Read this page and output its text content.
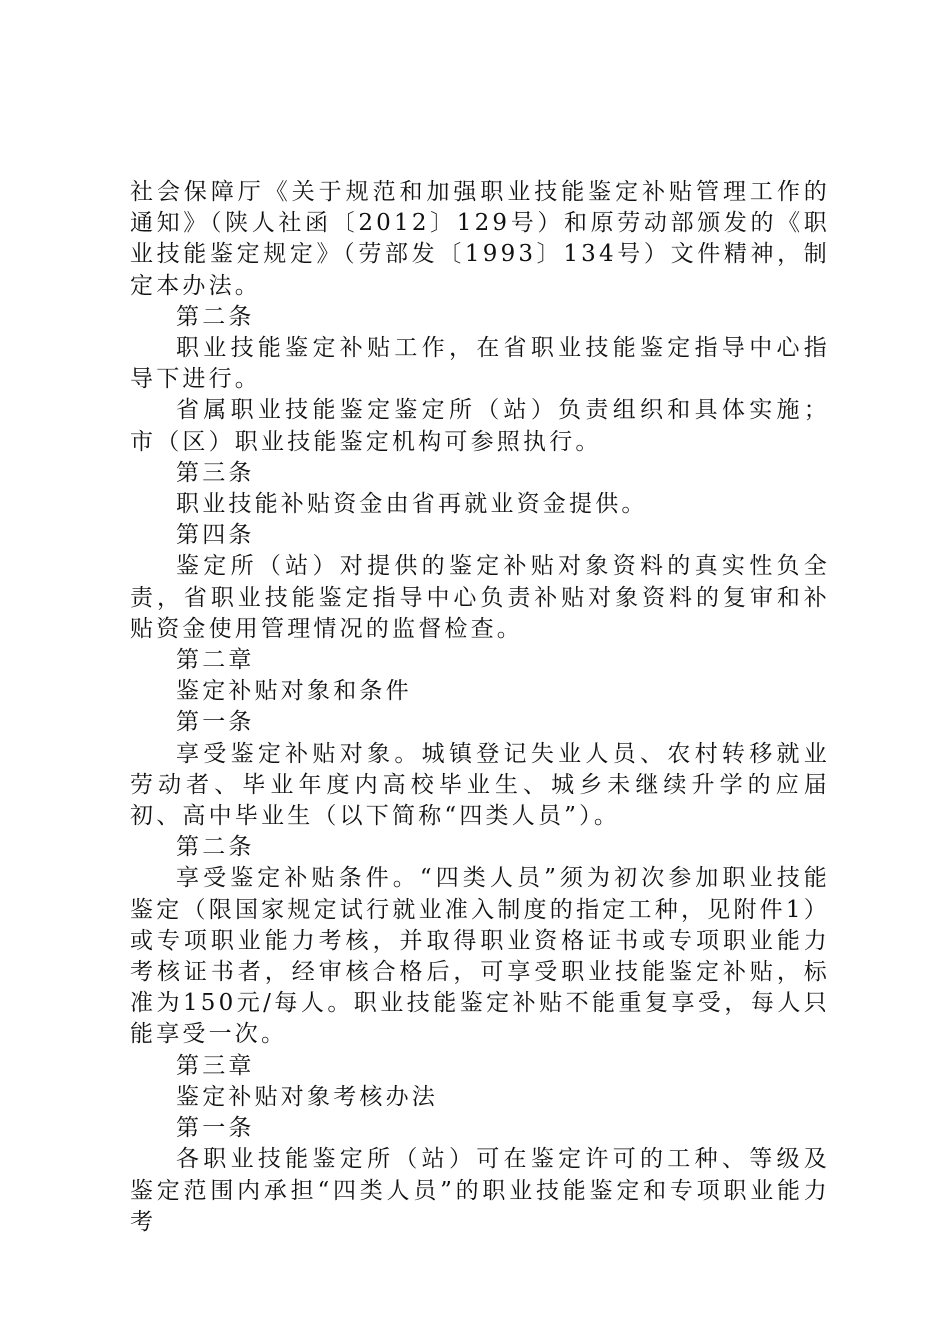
社会保障厅《关于规范和加强职业技能鉴定补贴管理工作的通知》（陕人社函〔2012〕129号）和原劳动部颁发的《职业技能鉴定规定》（劳部发〔1993〕134号）文件精神，制定本办法。

第二条

职业技能鉴定补贴工作，在省职业技能鉴定指导中心指导下进行。

省属职业技能鉴定鉴定所（站）负责组织和具体实施；市（区）职业技能鉴定机构可参照执行。

第三条

职业技能补贴资金由省再就业资金提供。

第四条

鉴定所（站）对提供的鉴定补贴对象资料的真实性负全责，省职业技能鉴定指导中心负责补贴对象资料的复审和补贴资金使用管理情况的监督检查。

第二章

鉴定补贴对象和条件

第一条

享受鉴定补贴对象。城镇登记失业人员、农村转移就业劳动者、毕业年度内高校毕业生、城乡未继续升学的应届初、高中毕业生（以下简称“四类人员”）。

第二条

享受鉴定补贴条件。“四类人员”须为初次参加职业技能鉴定（限国家规定试行就业准入制度的指定工种，见附件1）或专项职业能力考核，并取得职业资格证书或专项职业能力考核证书者，经审核合格后，可享受职业技能鉴定补贴，标准为150元/每人。职业技能鉴定补贴不能重复享受，每人只能享受一次。

第三章

鉴定补贴对象考核办法

第一条

各职业技能鉴定所（站）可在鉴定许可的工种、等级及鉴定范围内承担“四类人员”的职业技能鉴定和专项职业能力考
